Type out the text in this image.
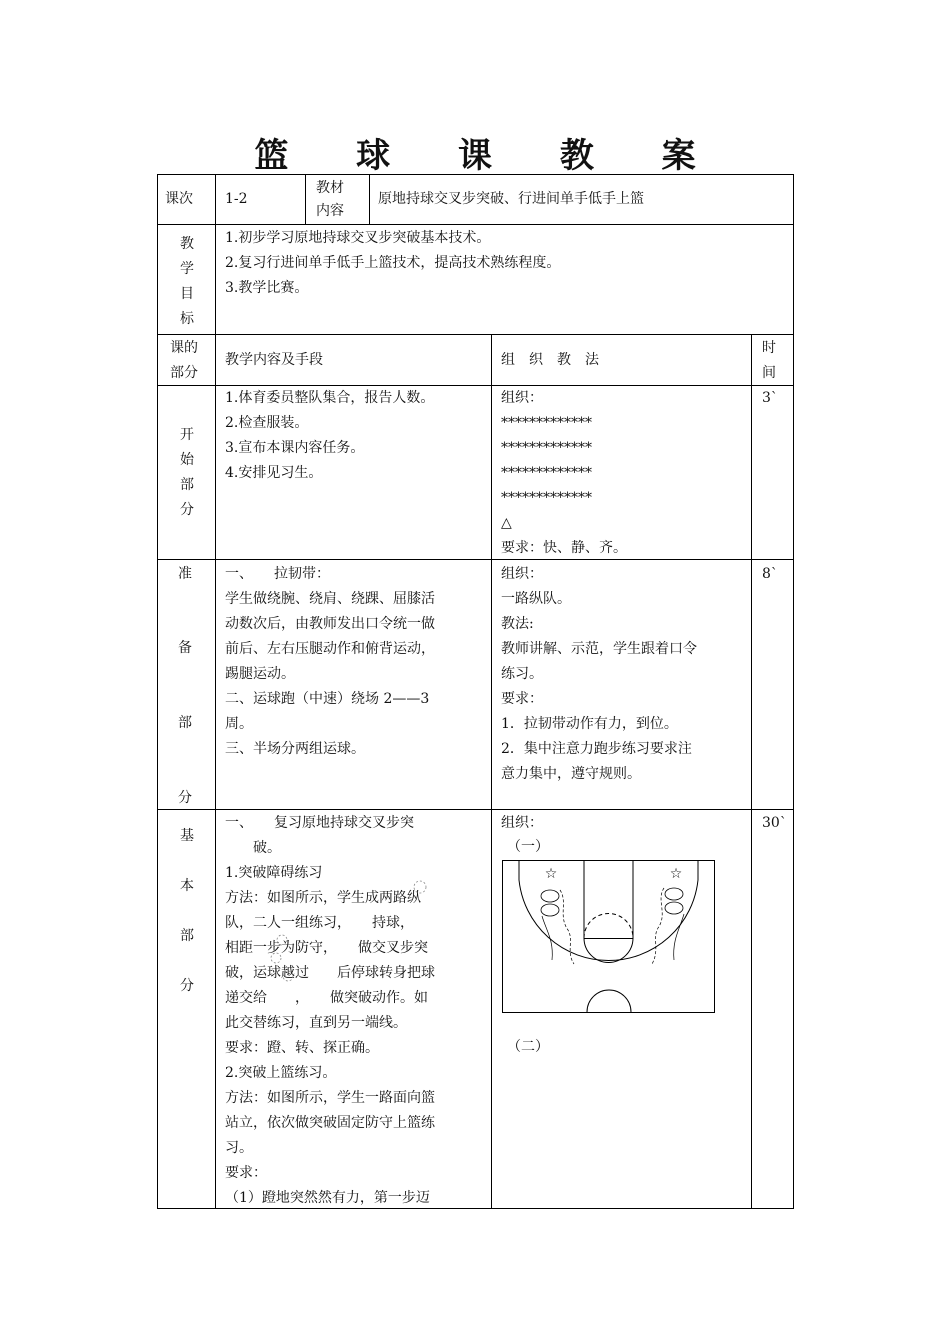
篮 球 课 教 案
课次 1-2
教材
内容
原地持球交叉步突破、行进间单手低手上篮
教
学
目
标
1.初步学习原地持球交叉步突破基本技术。
2.复习行进间单手低手上篮技术，提高技术熟练程度。
3.教学比赛。
课的
部分
教学内容及手段	组　织　教　法
时
间
开
始
部
分
1.体育委员整队集合，报告人数。
2.检查服装。
3.宣布本课内容任务。
4.安排见习生。
组织：
*************
*************
*************
*************
△
要求：快、静、齐。
3`
准
备
部
分
一、　　拉韧带：
学生做绕腕、绕肩、绕踝、屈膝活
动数次后，由教师发出口令统一做
前后、左右压腿动作和俯背运动，
踢腿运动。
二、运球跑（中速）绕场 2——3
周。
三、半场分两组运球。
组织：
一路纵队。
教法:
教师讲解、示范，学生跟着口令
练习。
要求：
1．拉韧带动作有力，到位。
2．集中注意力跑步练习要求注
意力集中，遵守规则。
8`
基
本
部
分
一、　　复习原地持球交叉步突
　　破。
1.突破障碍练习
方法：如图所示，学生成两路纵
队，二人一组练习，　　持球，
相距一步为防守，　　做交叉步突
破，运球越过　　后停球转身把球
递交给　　，　　做突破动作。如
此交替练习，直到另一端线。
要求：蹬、转、探正确。
2.突破上篮练习。
方法：如图所示，学生一路面向篮
站立，依次做突破固定防守上篮练
习。
要求：
（1）蹬地突然然有力，第一步迈
组织：
（一）
☆	☆
（二）
30`
